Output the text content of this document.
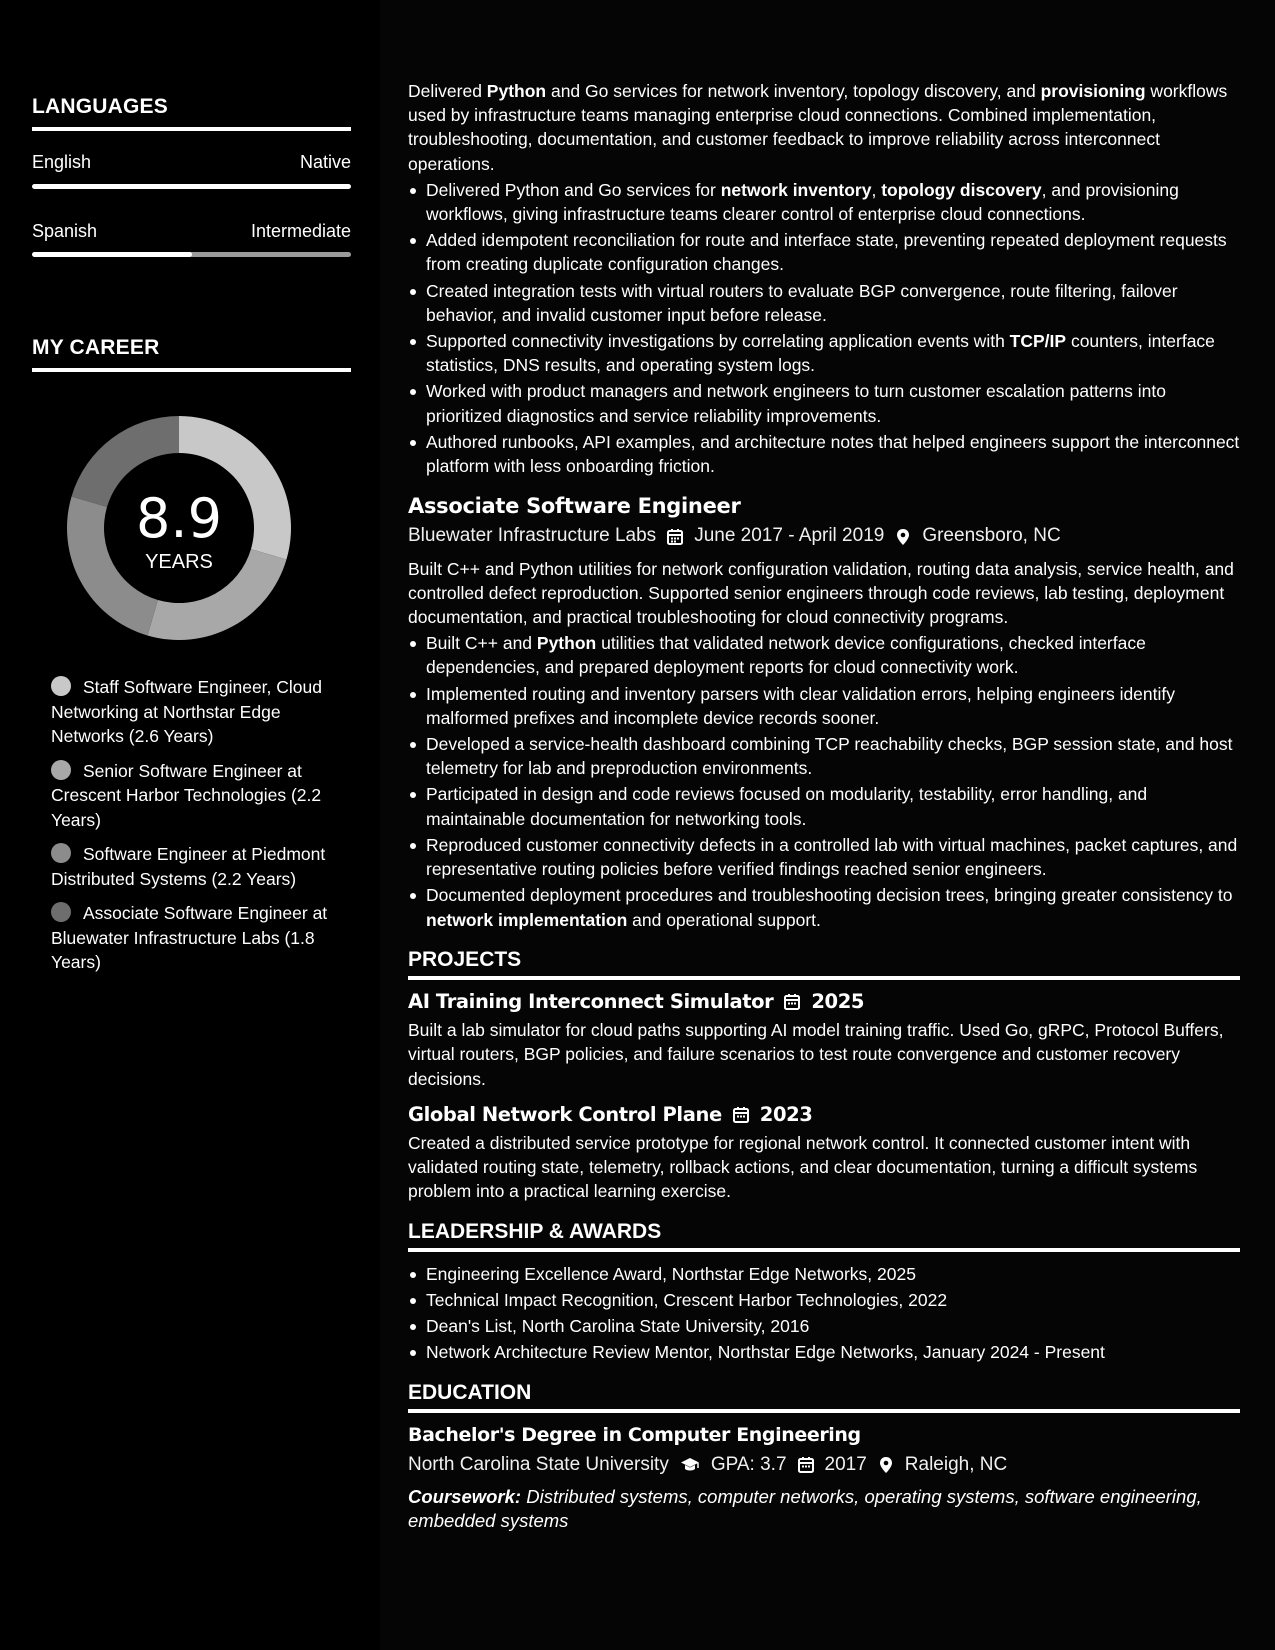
LANGUAGES
English	Native
Spanish	Intermediate
MY CAREER
8.9
YEARS
Staff Software Engineer, Cloud Networking at Northstar Edge Networks (2.6 Years)
Senior Software Engineer at Crescent Harbor Technologies (2.2 Years)
Software Engineer at Piedmont Distributed Systems (2.2 Years)
Associate Software Engineer at Bluewater Infrastructure Labs (1.8 Years)

Delivered Python and Go services for network inventory, topology discovery, and provisioning workflows used by infrastructure teams managing enterprise cloud connections. Combined implementation, troubleshooting, documentation, and customer feedback to improve reliability across interconnect operations.

Delivered Python and Go services for network inventory, topology discovery, and provisioning workflows, giving infrastructure teams clearer control of enterprise cloud connections.
Added idempotent reconciliation for route and interface state, preventing repeated deployment requests from creating duplicate configuration changes.
Created integration tests with virtual routers to evaluate BGP convergence, route filtering, failover behavior, and invalid customer input before release.
Supported connectivity investigations by correlating application events with TCP/IP counters, interface statistics, DNS results, and operating system logs.
Worked with product managers and network engineers to turn customer escalation patterns into prioritized diagnostics and service reliability improvements.
Authored runbooks, API examples, and architecture notes that helped engineers support the interconnect platform with less onboarding friction.
Associate Software Engineer
Bluewater Infrastructure Labs June 2017 - April 2019 Greensboro, NC

Built C++ and Python utilities for network configuration validation, routing data analysis, service health, and controlled defect reproduction. Supported senior engineers through code reviews, lab testing, deployment documentation, and practical troubleshooting for cloud connectivity programs.

Built C++ and Python utilities that validated network device configurations, checked interface dependencies, and prepared deployment reports for cloud connectivity work.
Implemented routing and inventory parsers with clear validation errors, helping engineers identify malformed prefixes and incomplete device records sooner.
Developed a service-health dashboard combining TCP reachability checks, BGP session state, and host telemetry for lab and preproduction environments.
Participated in design and code reviews focused on modularity, testability, error handling, and maintainable documentation for networking tools.
Reproduced customer connectivity defects in a controlled lab with virtual machines, packet captures, and representative routing policies before verified findings reached senior engineers.
Documented deployment procedures and troubleshooting decision trees, bringing greater consistency to network implementation and operational support.
PROJECTS
AI Training Interconnect Simulator 2025

Built a lab simulator for cloud paths supporting AI model training traffic. Used Go, gRPC, Protocol Buffers, virtual routers, BGP policies, and failure scenarios to test route convergence and customer recovery decisions.

Global Network Control Plane 2023

Created a distributed service prototype for regional network control. It connected customer intent with validated routing state, telemetry, rollback actions, and clear documentation, turning a difficult systems problem into a practical learning exercise.

LEADERSHIP & AWARDS
Engineering Excellence Award, Northstar Edge Networks, 2025
Technical Impact Recognition, Crescent Harbor Technologies, 2022
Dean's List, North Carolina State University, 2016
Network Architecture Review Mentor, Northstar Edge Networks, January 2024 - Present
EDUCATION
Bachelor's Degree in Computer Engineering
North Carolina State University GPA: 3.7 2017 Raleigh, NC

Coursework: Distributed systems, computer networks, operating systems, software engineering, embedded systems
